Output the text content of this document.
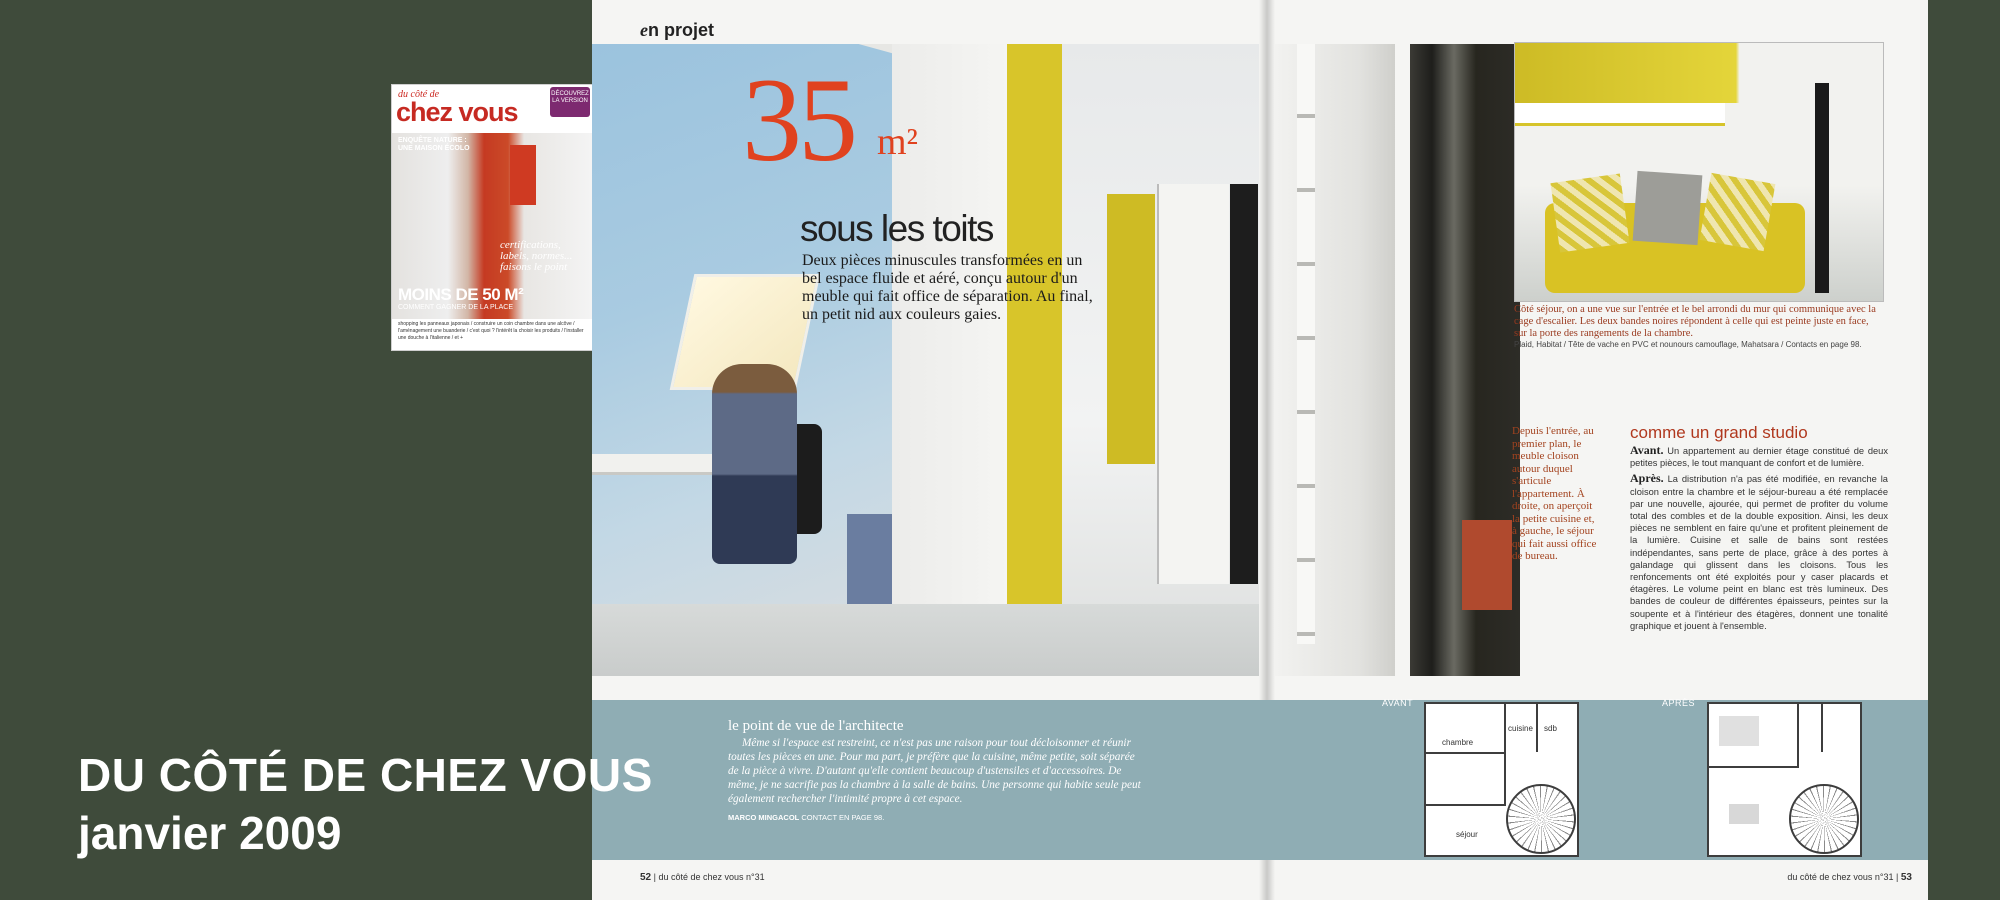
du côté de
chez vous
DÉCOUVREZ LA VERSION
ENQUÊTE NATURE : UNE MAISON ÉCOLO
certifications, labels, normes... faisons le point
MOINS DE 50 M²
COMMENT GAGNER DE LA PLACE
shopping les panneaux japonais / construire un coin chambre dans une alcôve / l'aménagement une buanderie / c'est quoi ? l'intérêt la choisir les produits / l'installer une douche à l'italienne / et +
en projet
35 m²
sous les toits
Deux pièces minuscules transformées en un bel espace fluide et aéré, conçu autour d'un meuble qui fait office de séparation. Au final, un petit nid aux couleurs gaies.	Côté séjour, on a une vue sur l'entrée et le bel arrondi du mur qui communique avec la cage d'escalier. Les deux bandes noires répondent à celle qui est peinte juste en face, sur la porte des rangements de la chambre.
Plaid, Habitat / Tête de vache en PVC et nounours camouflage, Mahatsara / Contacts en page 98.
Depuis l'entrée, au premier plan, le meuble cloison autour duquel s'articule l'appartement. À droite, on aperçoit la petite cuisine et, à gauche, le séjour qui fait aussi office de bureau.
comme un grand studio

Avant. Un appartement au dernier étage constitué de deux petites pièces, le tout manquant de confort et de lumière.

Après. La distribution n'a pas été modifiée, en revanche la cloison entre la chambre et le séjour-bureau a été remplacée par une nouvelle, ajourée, qui permet de profiter du volume total des combles et de la double exposition. Ainsi, les deux pièces ne semblent en faire qu'une et profitent pleinement de la lumière. Cuisine et salle de bains sont restées indépendantes, sans perte de place, grâce à des portes à galandage qui glissent dans les cloisons. Tous les renfoncements ont été exploités pour y caser placards et étagères. Le volume peint en blanc est très lumineux. Des bandes de couleur de différentes épaisseurs, peintes sur la soupente et à l'intérieur des étagères, donnent une tonalité graphique et jouent à l'ensemble.

le point de vue de l'architecte
Même si l'espace est restreint, ce n'est pas une raison pour tout décloisonner et réunir toutes les pièces en une. Pour ma part, je préfère que la cuisine, même petite, soit séparée de la pièce à vivre. D'autant qu'elle contient beaucoup d'ustensiles et d'accessoires. De même, je ne sacrifie pas la chambre à la salle de bains. Une personne qui habite seule peut également rechercher l'intimité propre à cet espace.
MARCO MINGACOL CONTACT EN PAGE 98.
AVANT
chambre
cuisine sdb
séjour
APRÈS
52 | du côté de chez vous n°31	du côté de chez vous n°31 | 53
DU CÔTÉ DE CHEZ VOUS
janvier 2009
